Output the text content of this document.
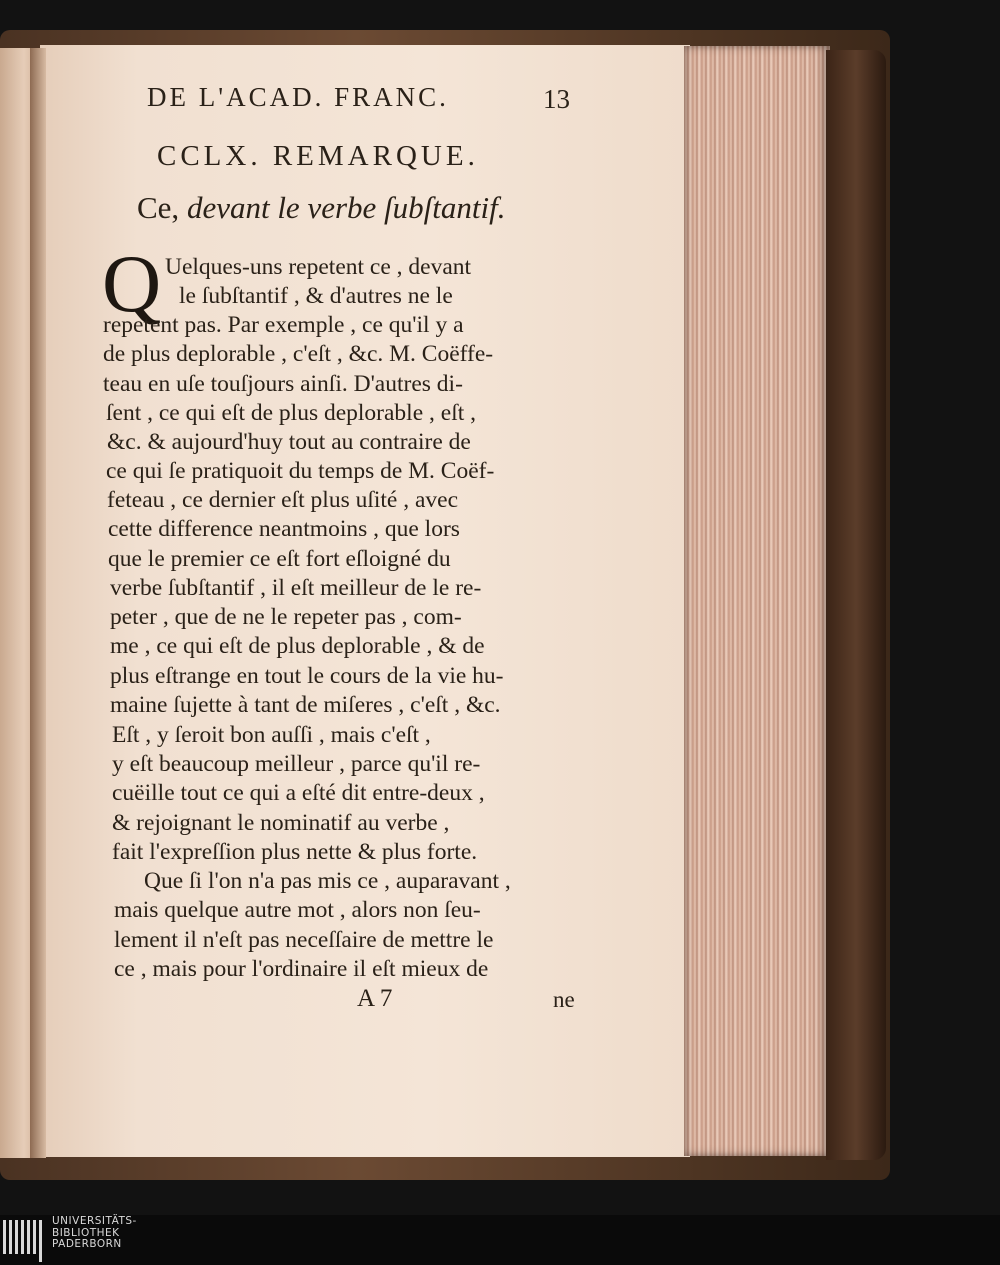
DE L'ACAD. FRANC.	13
CCLX. REMARQUE.
Ce, devant le verbe ſubſtantif.
Q Uelques-uns repetent ce , devant
le ſubſtantif , & d'autres ne le
repetent pas. Par exemple , ce qu'il y a
de plus deplorable , c'eſt , &c. M. Coëffe-
teau en uſe touſjours ainſi. D'autres di-
ſent , ce qui eſt de plus deplorable , eſt ,
&c. & aujourd'huy tout au contraire de
ce qui ſe pratiquoit du temps de M. Coëf-
feteau , ce dernier eſt plus uſité , avec
cette difference neantmoins , que lors
que le premier ce eſt fort eſloigné du
verbe ſubſtantif , il eſt meilleur de le re-
peter , que de ne le repeter pas , com-
me , ce qui eſt de plus deplorable , & de
plus eſtrange en tout le cours de la vie hu-
maine ſujette à tant de miſeres , c'eſt , &c.
Eſt , y ſeroit bon auſſi , mais c'eſt ,
y eſt beaucoup meilleur , parce qu'il re-
cuëille tout ce qui a eſté dit entre-deux ,
& rejoignant le nominatif au verbe ,
fait l'expreſſion plus nette & plus forte.
Que ſi l'on n'a pas mis ce , auparavant ,
mais quelque autre mot , alors non ſeu-
lement il n'eſt pas neceſſaire de mettre le
ce , mais pour l'ordinaire il eſt mieux de
A 7	ne
UNIVERSITÄTS-
BIBLIOTHEK
PADERBORN
